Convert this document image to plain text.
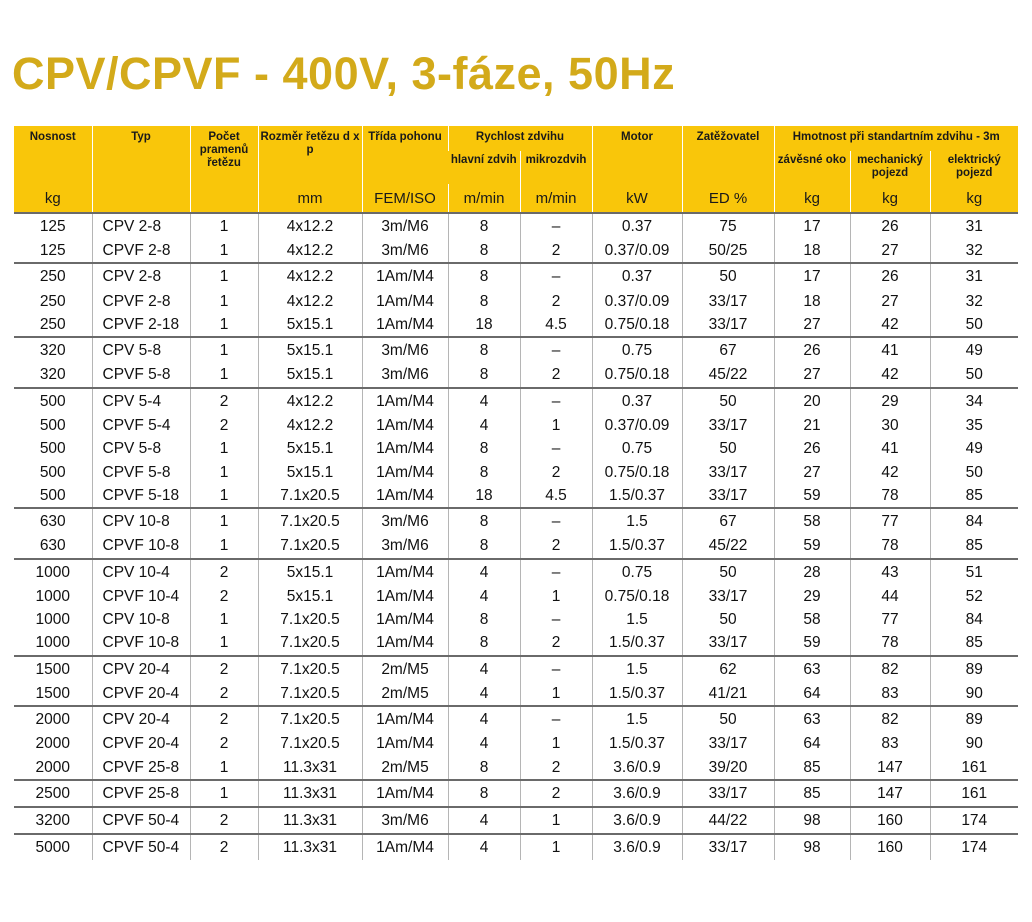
CPV/CPVF - 400V, 3-fáze, 50Hz
Nosnost	Typ	Počet pramenů řetězu	Rozměr řetězu d x p	Třída pohonu	Rychlost zdvihu		Motor	Zatěžovatel	Hmotnost při standartním zdvihu - 3m		
					hlavní zdvih	mikrozdvih			závěsné oko	mechanický pojezd	elektrický pojezd
kg			mm	FEM/ISO	m/min	m/min	kW	ED %	kg	kg	kg
125	CPV 2-8	1	4x12.2	3m/M6	8	–	0.37	75	17	26	31
125	CPVF 2-8	1	4x12.2	3m/M6	8	2	0.37/0.09	50/25	18	27	32
250	CPV 2-8	1	4x12.2	1Am/M4	8	–	0.37	50	17	26	31
250	CPVF 2-8	1	4x12.2	1Am/M4	8	2	0.37/0.09	33/17	18	27	32
250	CPVF 2-18	1	5x15.1	1Am/M4	18	4.5	0.75/0.18	33/17	27	42	50
320	CPV 5-8	1	5x15.1	3m/M6	8	–	0.75	67	26	41	49
320	CPVF 5-8	1	5x15.1	3m/M6	8	2	0.75/0.18	45/22	27	42	50
500	CPV 5-4	2	4x12.2	1Am/M4	4	–	0.37	50	20	29	34
500	CPVF 5-4	2	4x12.2	1Am/M4	4	1	0.37/0.09	33/17	21	30	35
500	CPV 5-8	1	5x15.1	1Am/M4	8	–	0.75	50	26	41	49
500	CPVF 5-8	1	5x15.1	1Am/M4	8	2	0.75/0.18	33/17	27	42	50
500	CPVF 5-18	1	7.1x20.5	1Am/M4	18	4.5	1.5/0.37	33/17	59	78	85
630	CPV 10-8	1	7.1x20.5	3m/M6	8	–	1.5	67	58	77	84
630	CPVF 10-8	1	7.1x20.5	3m/M6	8	2	1.5/0.37	45/22	59	78	85
1000	CPV 10-4	2	5x15.1	1Am/M4	4	–	0.75	50	28	43	51
1000	CPVF 10-4	2	5x15.1	1Am/M4	4	1	0.75/0.18	33/17	29	44	52
1000	CPV 10-8	1	7.1x20.5	1Am/M4	8	–	1.5	50	58	77	84
1000	CPVF 10-8	1	7.1x20.5	1Am/M4	8	2	1.5/0.37	33/17	59	78	85
1500	CPV 20-4	2	7.1x20.5	2m/M5	4	–	1.5	62	63	82	89
1500	CPVF 20-4	2	7.1x20.5	2m/M5	4	1	1.5/0.37	41/21	64	83	90
2000	CPV 20-4	2	7.1x20.5	1Am/M4	4	–	1.5	50	63	82	89
2000	CPVF 20-4	2	7.1x20.5	1Am/M4	4	1	1.5/0.37	33/17	64	83	90
2000	CPVF 25-8	1	11.3x31	2m/M5	8	2	3.6/0.9	39/20	85	147	161
2500	CPVF 25-8	1	11.3x31	1Am/M4	8	2	3.6/0.9	33/17	85	147	161
3200	CPVF 50-4	2	11.3x31	3m/M6	4	1	3.6/0.9	44/22	98	160	174
5000	CPVF 50-4	2	11.3x31	1Am/M4	4	1	3.6/0.9	33/17	98	160	174
